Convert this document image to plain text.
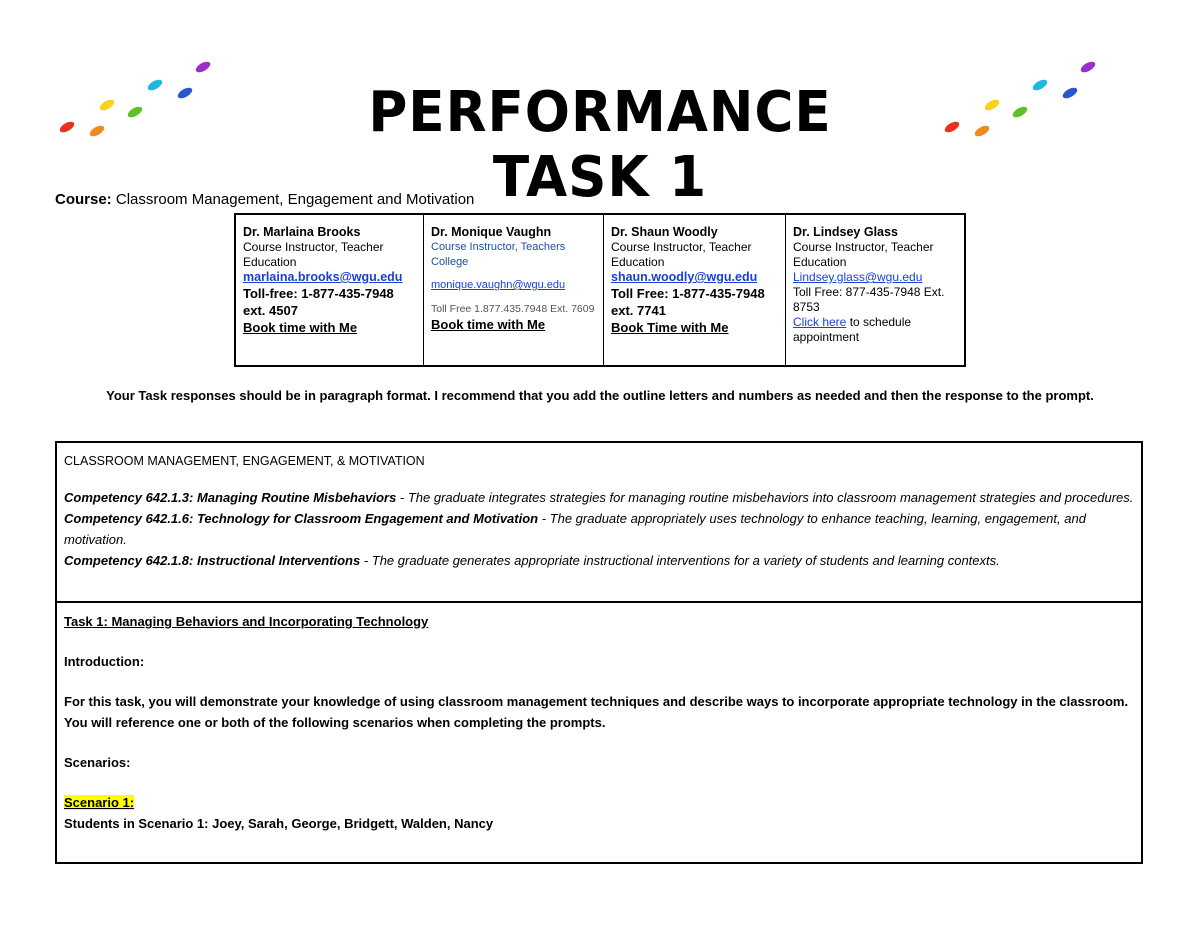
PERFORMANCE TASK 1
Course: Classroom Management, Engagement and Motivation
Dr. Marlaina Brooks
Course Instructor, Teacher Education
marlaina.brooks@wgu.edu
Toll-free: 1-877-435-7948 ext. 4507
Book time with Me
Dr. Monique Vaughn
Course Instructor, Teachers College
monique.vaughn@wgu.edu
Toll Free 1.877.435.7948 Ext. 7609
Book time with Me
Dr. Shaun Woodly
Course Instructor, Teacher Education
shaun.woodly@wgu.edu
Toll Free: 1-877-435-7948 ext. 7741
Book Time with Me
Dr. Lindsey Glass
Course Instructor, Teacher Education
Lindsey.glass@wgu.edu
Toll Free: 877-435-7948 Ext. 8753
Click here to schedule appointment
Your Task responses should be in paragraph format. I recommend that you add the outline letters and numbers as needed and then the response to the prompt.
CLASSROOM MANAGEMENT, ENGAGEMENT, & MOTIVATION
Competency 642.1.3: Managing Routine Misbehaviors - The graduate integrates strategies for managing routine misbehaviors into classroom management strategies and procedures.
Competency 642.1.6: Technology for Classroom Engagement and Motivation - The graduate appropriately uses technology to enhance teaching, learning, engagement, and motivation.
Competency 642.1.8: Instructional Interventions - The graduate generates appropriate instructional interventions for a variety of students and learning contexts.

Task 1: Managing Behaviors and Incorporating Technology

Introduction:

For this task, you will demonstrate your knowledge of using classroom management techniques and describe ways to incorporate appropriate technology in the classroom. You will reference one or both of the following scenarios when completing the prompts.

Scenarios:

Scenario 1:

Students in Scenario 1: Joey, Sarah, George, Bridgett, Walden, Nancy
